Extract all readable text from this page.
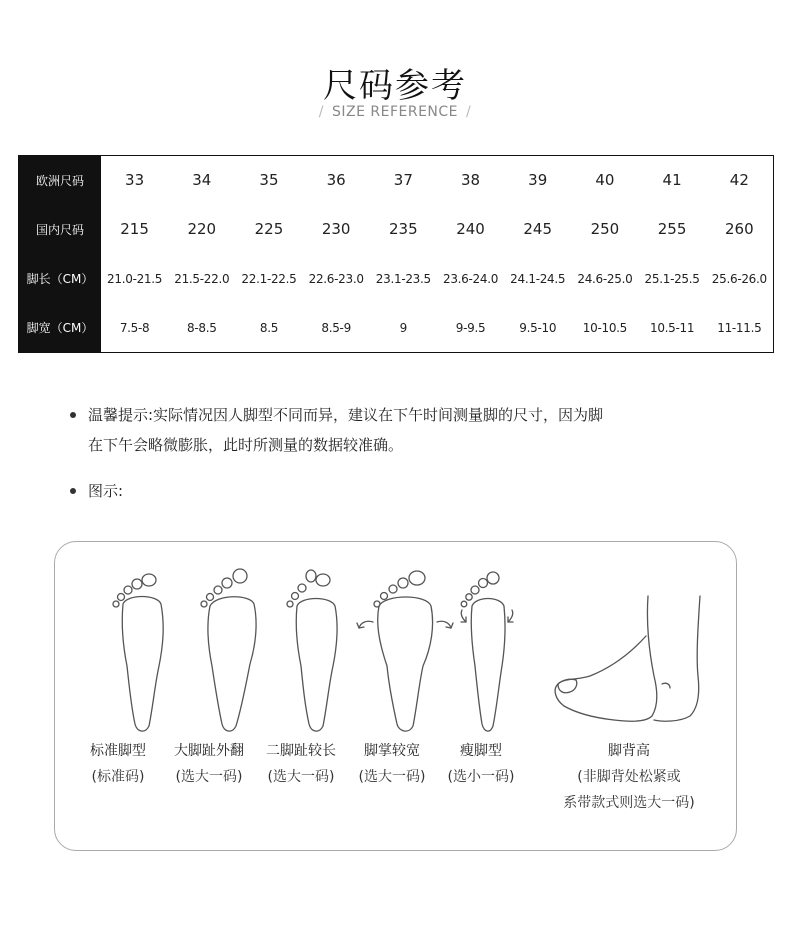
尺码参考
/ SIZE REFERENCE /
欧洲尺码	33	34	35	36	37	38	39	40	41	42
国内尺码	215	220	225	230	235	240	245	250	255	260
脚长（CM）	21.0-21.5	21.5-22.0	22.1-22.5	22.6-23.0	23.1-23.5	23.6-24.0	24.1-24.5	24.6-25.0	25.1-25.5	25.6-26.0
脚宽（CM）	7.5-8	8-8.5	8.5	8.5-9	9	9-9.5	9.5-10	10-10.5	10.5-11	11-11.5
温馨提示:实际情况因人脚型不同而异，建议在下午时间测量脚的尺寸，因为脚
在下午会略微膨胀，此时所测量的数据较准确。
图示:
标准脚型
(标准码)
大脚趾外翻
(选大一码)
二脚趾较长
(选大一码)
脚掌较宽
(选大一码)
瘦脚型
(选小一码)
脚背高
(非脚背处松紧或
系带款式则选大一码)
